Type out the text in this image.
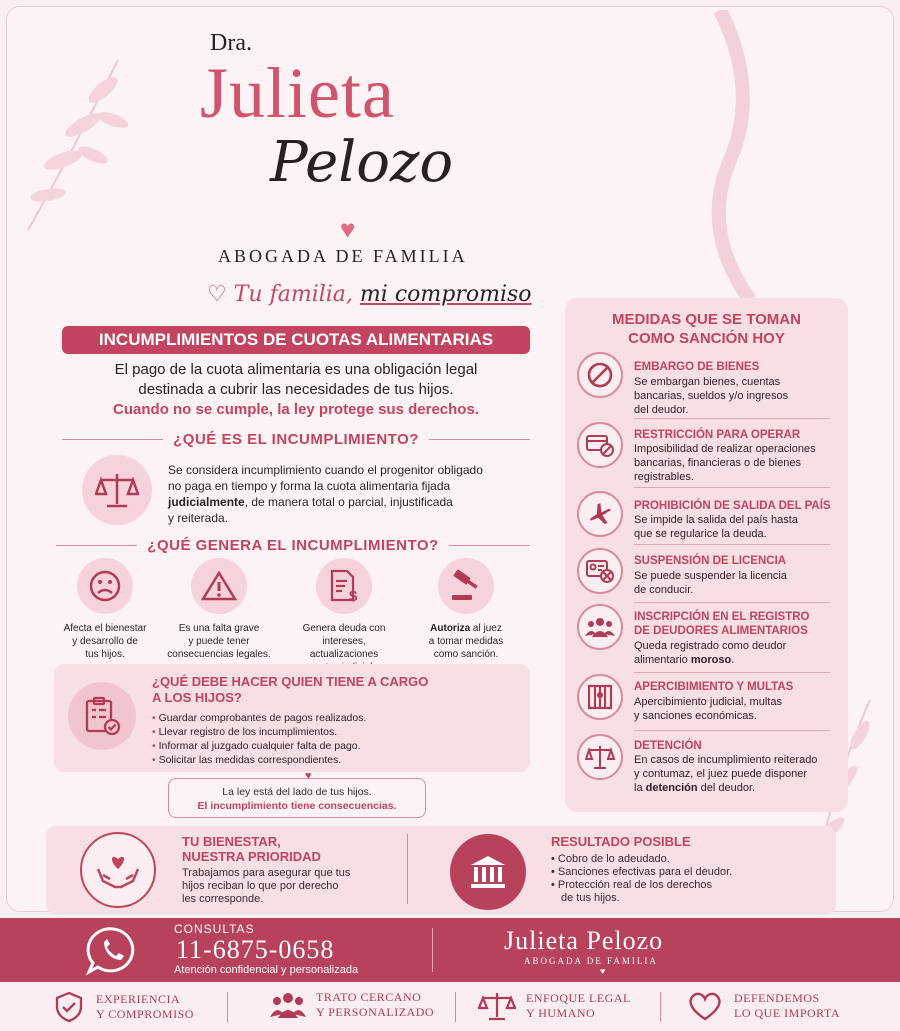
Dra.
Julieta
Pelozo
♥
ABOGADA DE FAMILIA
♡ Tu familia, mi compromiso
INCUMPLIMIENTOS DE CUOTAS ALIMENTARIAS
El pago de la cuota alimentaria es una obligación legal
destinada a cubrir las necesidades de tus hijos.
Cuando no se cumple, la ley protege sus derechos.
¿QUÉ ES EL INCUMPLIMIENTO?
Se considera incumplimiento cuando el progenitor obligado
no paga en tiempo y forma la cuota alimentaria fijada
judicialmente, de manera total o parcial, injustificada
y reiterada.
¿QUÉ GENERA EL INCUMPLIMIENTO?
Afecta el bienestar
y desarrollo de
tus hijos.
Es una falta grave
y puede tener
consecuencias legales.
$
Genera deuda con
intereses, actualizaciones
Autoriza al juez
a tomar medidas
como sanción.
¿QUÉ DEBE HACER QUIEN TIENE A CARGO
A LOS HIJOS?
• Guardar comprobantes de pagos realizados.
• Llevar registro de los incumplimientos.
• Informar al juzgado cualquier falta de pago.
• Solicitar las medidas correspondientes.
♥
La ley está del lado de tus hijos.
El incumplimiento tiene consecuencias.
MEDIDAS QUE SE TOMAN
COMO SANCIÓN HOY
EMBARGO DE BIENES
Se embargan bienes, cuentas
bancarias, sueldos y/o ingresos
del deudor.
RESTRICCIÓN PARA OPERAR
Imposibilidad de realizar operaciones
bancarias, financieras o de bienes
registrables.
PROHIBICIÓN DE SALIDA DEL PAÍS
Se impide la salida del país hasta
que se regularice la deuda.
SUSPENSIÓN DE LICENCIA
Se puede suspender la licencia
de conducir.
INSCRIPCIÓN EN EL REGISTRO
DE DEUDORES ALIMENTARIOS
Queda registrado como deudor
alimentario moroso.
APERCIBIMIENTO Y MULTAS
Apercibimiento judicial, multas
y sanciones económicas.
DETENCIÓN
En casos de incumplimiento reiterado
y contumaz, el juez puede disponer
la detención del deudor.
TU BIENESTAR,
NUESTRA PRIORIDAD
Trabajamos para asegurar que tus
hijos reciban lo que por derecho
les corresponde.
RESULTADO POSIBLE
• Cobro de lo adeudado.
• Sanciones efectivas para el deudor.
• Protección real de los derechos
de tus hijos.
CONSULTAS
11-6875-0658
Atención confidencial y personalizada
Julieta Pelozo
ABOGADA DE FAMILIA
♥
EXPERIENCIA
Y COMPROMISO
TRATO CERCANO
Y PERSONALIZADO
ENFOQUE LEGAL
Y HUMANO
DEFENDEMOS
LO QUE IMPORTA
